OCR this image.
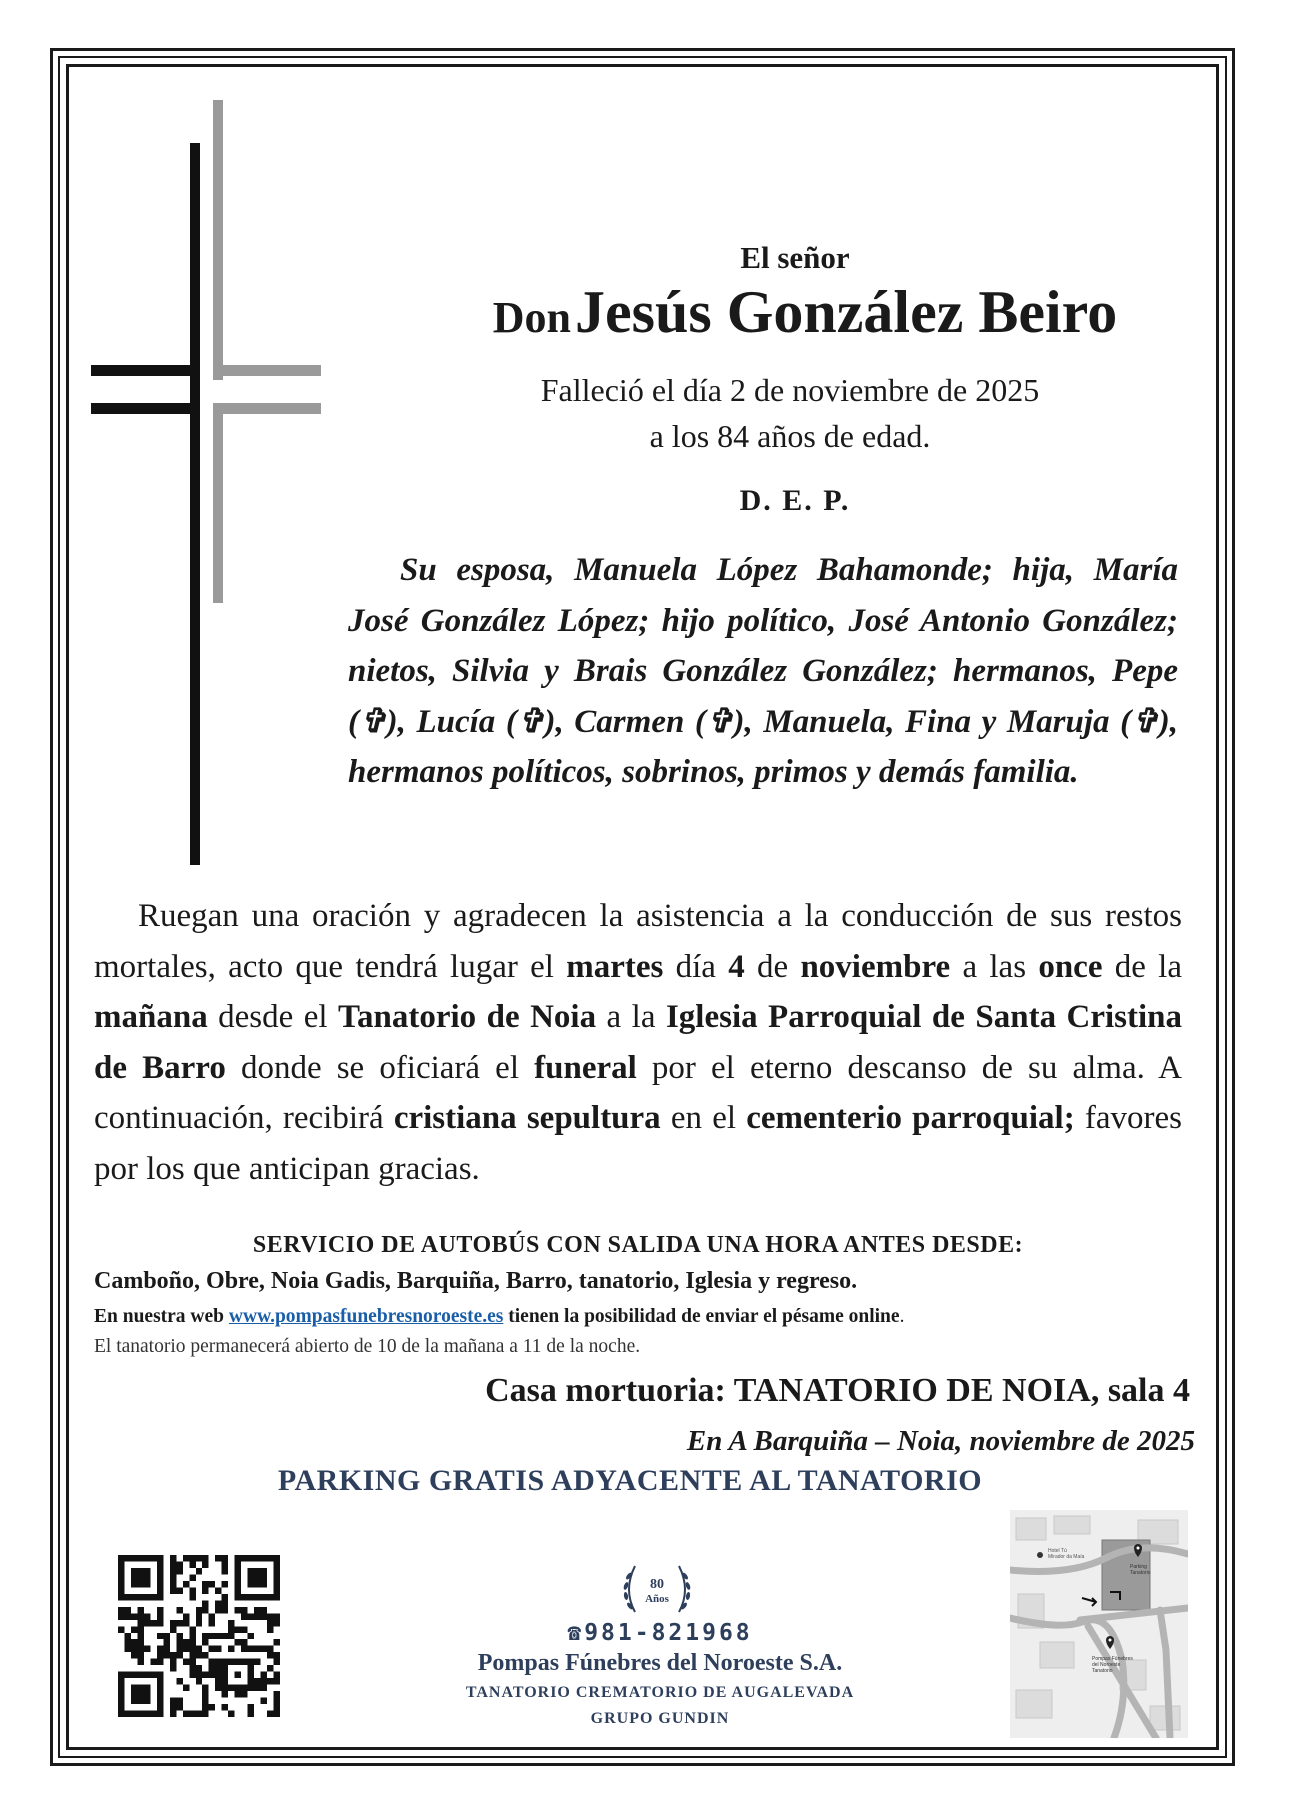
El señor
Don Jesús González Beiro
Falleció el día 2 de noviembre de 2025
a los 84 años de edad.
D. E. P.
Su esposa, Manuela López Bahamonde; hija, María José González López; hijo político, José Antonio González; nietos, Silvia y Brais González González; hermanos, Pepe (✞), Lucía (✞), Carmen (✞), Manuela, Fina y Maruja (✞), hermanos políticos, sobrinos, primos y demás familia.
Ruegan una oración y agradecen la asistencia a la conducción de sus restos mortales, acto que tendrá lugar el martes día 4 de noviembre a las once de la mañana desde el Tanatorio de Noia a la Iglesia Parroquial de Santa Cristina de Barro donde se oficiará el funeral por el eterno descanso de su alma. A continuación, recibirá cristiana sepultura en el cementerio parroquial; favores por los que anticipan gracias.
SERVICIO DE AUTOBÚS CON SALIDA UNA HORA ANTES DESDE:
Camboño, Obre, Noia Gadis, Barquiña, Barro, tanatorio, Iglesia y regreso.
En nuestra web www.pompasfunebresnoroeste.es tienen la posibilidad de enviar el pésame online.
El tanatorio permanecerá abierto de 10 de la mañana a 11 de la noche.
Casa mortuoria: TANATORIO DE NOIA, sala 4
En A Barquiña – Noia, noviembre de 2025
PARKING GRATIS ADYACENTE AL TANATORIO
80
Años
☎981-821968
Pompas Fúnebres del Noroeste S.A.
TANATORIO CREMATORIO DE AUGALEVADA
GRUPO GUNDIN
Hotel Tú
Mirador da Maía
Parking
Tanatorio
Pompas Fúnebres
del Noroeste
Tanatorio
